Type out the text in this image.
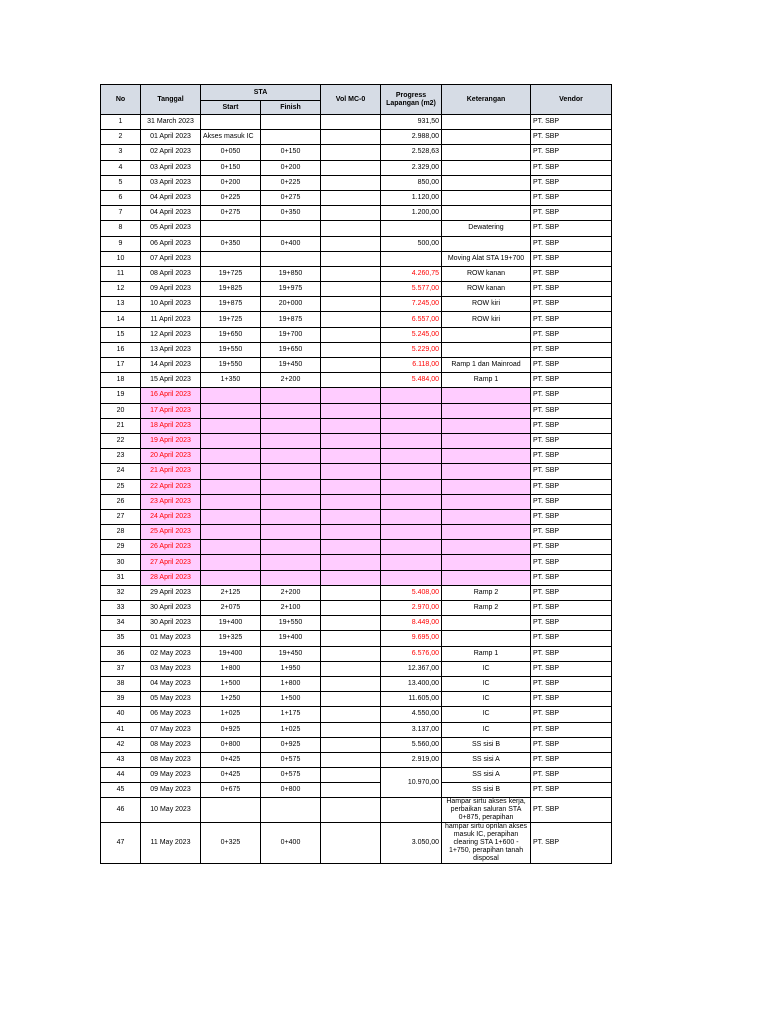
No	Tanggal	STA		Vol MC-0	Progress Lapangan (m2)	Keterangan	Vendor
		Start	Finish				
1	31 March 2023				931,50		PT. SBP
2	01 April 2023	Akses masuk IC			2.988,00		PT. SBP
3	02 April 2023	0+050	0+150		2.528,63		PT. SBP
4	03 April 2023	0+150	0+200		2.329,00		PT. SBP
5	03 April 2023	0+200	0+225		850,00		PT. SBP
6	04 April 2023	0+225	0+275		1.120,00		PT. SBP
7	04 April 2023	0+275	0+350		1.200,00		PT. SBP
8	05 April 2023					Dewatering	PT. SBP
9	06 April 2023	0+350	0+400		500,00		PT. SBP
10	07 April 2023					Moving Alat STA 19+700	PT. SBP
11	08 April 2023	19+725	19+850		4.260,75	ROW kanan	PT. SBP
12	09 April 2023	19+825	19+975		5.577,00	ROW kanan	PT. SBP
13	10 April 2023	19+875	20+000		7.245,00	ROW kiri	PT. SBP
14	11 April 2023	19+725	19+875		6.557,00	ROW kiri	PT. SBP
15	12 April 2023	19+650	19+700		5.245,00		PT. SBP
16	13 April 2023	19+550	19+650		5.229,00		PT. SBP
17	14 April 2023	19+550	19+450		6.118,00	Ramp 1 dan Mainroad	PT. SBP
18	15 April 2023	1+350	2+200		5.484,00	Ramp 1	PT. SBP
19	16 April 2023						PT. SBP
20	17 April 2023						PT. SBP
21	18 April 2023						PT. SBP
22	19 April 2023						PT. SBP
23	20 April 2023						PT. SBP
24	21 April 2023						PT. SBP
25	22 April 2023						PT. SBP
26	23 April 2023						PT. SBP
27	24 April 2023						PT. SBP
28	25 April 2023						PT. SBP
29	26 April 2023						PT. SBP
30	27 April 2023						PT. SBP
31	28 April 2023						PT. SBP
32	29 April 2023	2+125	2+200		5.408,00	Ramp 2	PT. SBP
33	30 April 2023	2+075	2+100		2.970,00	Ramp 2	PT. SBP
34	30 April 2023	19+400	19+550		8.449,00		PT. SBP
35	01 May 2023	19+325	19+400		9.695,00		PT. SBP
36	02 May 2023	19+400	19+450		6.576,00	Ramp 1	PT. SBP
37	03 May 2023	1+800	1+950		12.367,00	IC	PT. SBP
38	04 May 2023	1+500	1+800		13.400,00	IC	PT. SBP
39	05 May 2023	1+250	1+500		11.605,00	IC	PT. SBP
40	06 May 2023	1+025	1+175		4.550,00	IC	PT. SBP
41	07 May 2023	0+925	1+025		3.137,00	IC	PT. SBP
42	08 May 2023	0+800	0+925		5.560,00	SS sisi B	PT. SBP
43	08 May 2023	0+425	0+575		2.919,00	SS sisi A	PT. SBP
44	09 May 2023	0+425	0+575		10.970,00	SS sisi A	PT. SBP
45	09 May 2023	0+675	0+800			SS sisi B	PT. SBP
46	10 May 2023					Hampar sirtu akses kerja, perbaikan saluran STA 0+875, perapihan	PT. SBP
47	11 May 2023	0+325	0+400		3.050,00	hampar sirtu oprilan akses masuk IC, perapihan clearing STA 1+600 - 1+750, perapihan tanah disposal	PT. SBP
